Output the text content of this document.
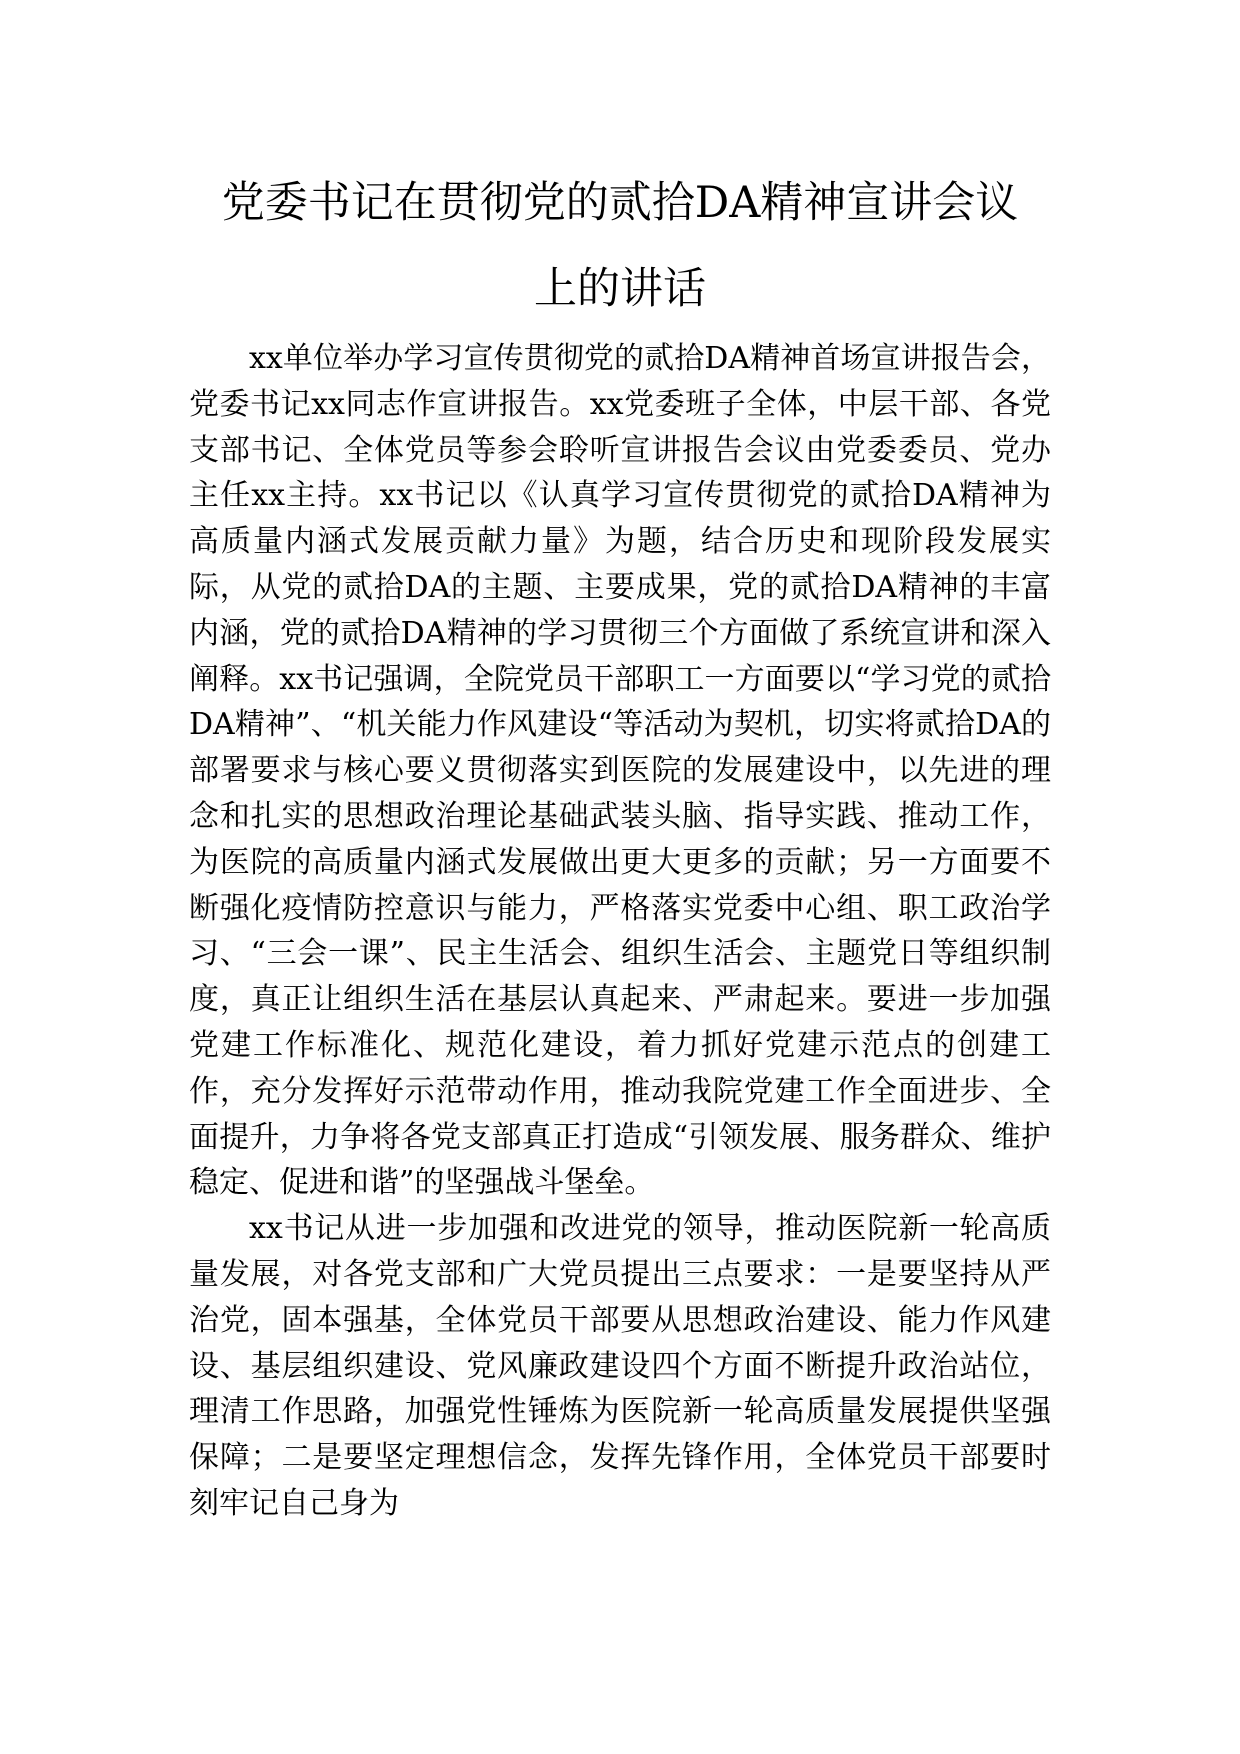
党委书记在贯彻党的贰拾DA精神宣讲会议
上的讲话

xx单位举办学习宣传贯彻党的贰拾DA精神首场宣讲报告会，党委书记xx同志作宣讲报告。xx党委班子全体，中层干部、各党支部书记、全体党员等参会聆听宣讲报告会议由党委委员、党办主任xx主持。xx书记以《认真学习宣传贯彻党的贰拾DA精神为高质量内涵式发展贡献力量》为题，结合历史和现阶段发展实际，从党的贰拾DA的主题、主要成果，党的贰拾DA精神的丰富内涵，党的贰拾DA精神的学习贯彻三个方面做了系统宣讲和深入阐释。xx书记强调，全院党员干部职工一方面要以“学习党的贰拾DA精神”、“机关能力作风建设“等活动为契机，切实将贰拾DA的部署要求与核心要义贯彻落实到医院的发展建设中，以先进的理念和扎实的思想政治理论基础武装头脑、指导实践、推动工作，为医院的高质量内涵式发展做出更大更多的贡献；另一方面要不断强化疫情防控意识与能力，严格落实党委中心组、职工政治学习、“三会一课”、民主生活会、组织生活会、主题党日等组织制度，真正让组织生活在基层认真起来、严肃起来。要进一步加强党建工作标准化、规范化建设，着力抓好党建示范点的创建工作，充分发挥好示范带动作用，推动我院党建工作全面进步、全面提升，力争将各党支部真正打造成“引领发展、服务群众、维护稳定、促进和谐”的坚强战斗堡垒。

xx书记从进一步加强和改进党的领导，推动医院新一轮高质量发展，对各党支部和广大党员提出三点要求：一是要坚持从严治党，固本强基，全体党员干部要从思想政治建设、能力作风建设、基层组织建设、党风廉政建设四个方面不断提升政治站位，理清工作思路，加强党性锤炼为医院新一轮高质量发展提供坚强保障；二是要坚定理想信念，发挥先锋作用，全体党员干部要时刻牢记自己身为
